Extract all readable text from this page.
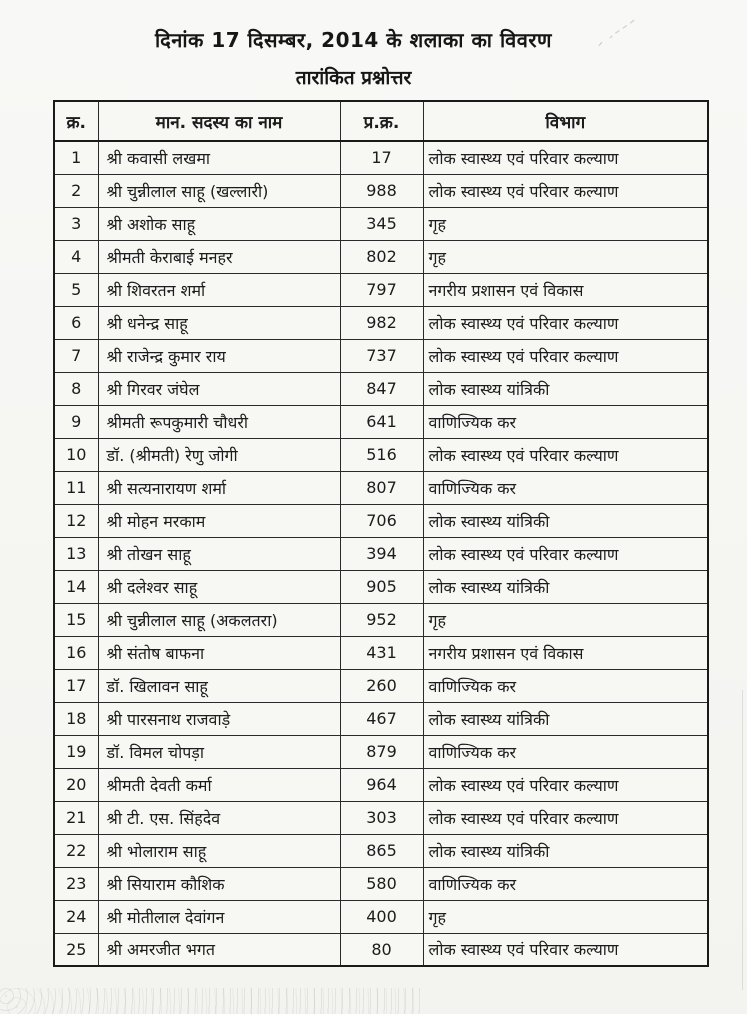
दिनांक 17 दिसम्बर, 2014 के शलाका का विवरण
तारांकित प्रश्नोत्तर
क्र.	मान. सदस्य का नाम	प्र.क्र.	विभाग
1	श्री कवासी लखमा	17	लोक स्वास्थ्य एवं परिवार कल्याण
2	श्री चुन्नीलाल साहू (खल्लारी)	988	लोक स्वास्थ्य एवं परिवार कल्याण
3	श्री अशोक साहू	345	गृह
4	श्रीमती केराबाई मनहर	802	गृह
5	श्री शिवरतन शर्मा	797	नगरीय प्रशासन एवं विकास
6	श्री धनेन्द्र साहू	982	लोक स्वास्थ्य एवं परिवार कल्याण
7	श्री राजेन्द्र कुमार राय	737	लोक स्वास्थ्य एवं परिवार कल्याण
8	श्री गिरवर जंघेल	847	लोक स्वास्थ्य यांत्रिकी
9	श्रीमती रूपकुमारी चौधरी	641	वाणिज्यिक कर
10	डॉ. (श्रीमती) रेणु जोगी	516	लोक स्वास्थ्य एवं परिवार कल्याण
11	श्री सत्यनारायण शर्मा	807	वाणिज्यिक कर
12	श्री मोहन मरकाम	706	लोक स्वास्थ्य यांत्रिकी
13	श्री तोखन साहू	394	लोक स्वास्थ्य एवं परिवार कल्याण
14	श्री दलेश्वर साहू	905	लोक स्वास्थ्य यांत्रिकी
15	श्री चुन्नीलाल साहू (अकलतरा)	952	गृह
16	श्री संतोष बाफना	431	नगरीय प्रशासन एवं विकास
17	डॉ. खिलावन साहू	260	वाणिज्यिक कर
18	श्री पारसनाथ राजवाड़े	467	लोक स्वास्थ्य यांत्रिकी
19	डॉ. विमल चोपड़ा	879	वाणिज्यिक कर
20	श्रीमती देवती कर्मा	964	लोक स्वास्थ्य एवं परिवार कल्याण
21	श्री टी. एस. सिंहदेव	303	लोक स्वास्थ्य एवं परिवार कल्याण
22	श्री भोलाराम साहू	865	लोक स्वास्थ्य यांत्रिकी
23	श्री सियाराम कौशिक	580	वाणिज्यिक कर
24	श्री मोतीलाल देवांगन	400	गृह
25	श्री अमरजीत भगत	80	लोक स्वास्थ्य एवं परिवार कल्याण
